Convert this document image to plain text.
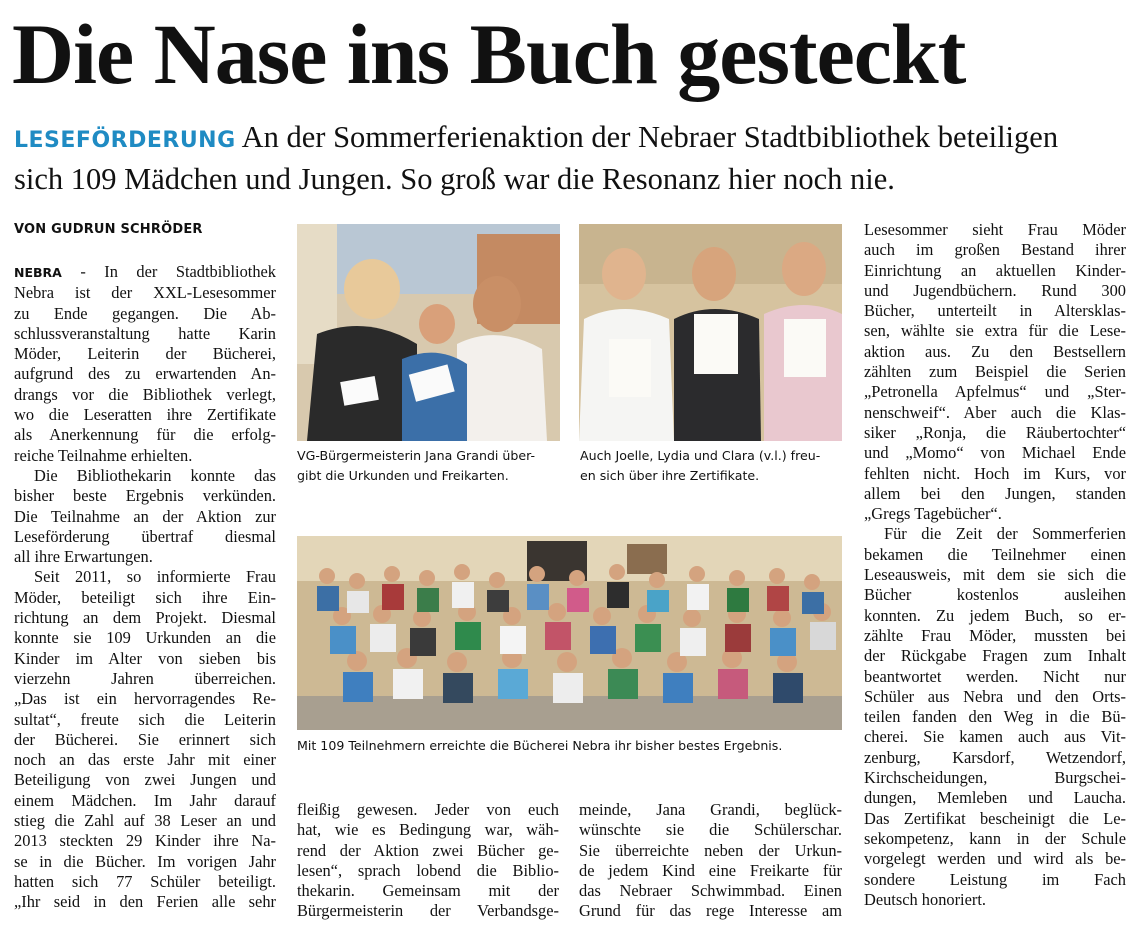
Die Nase ins Buch gesteckt

LESEFÖRDERUNG An der Sommerferienaktion der Nebraer Stadtbibliothek beteiligen
sich 109 Mädchen und Jungen. So groß war die Resonanz hier noch nie.

VON GUDRUN SCHRÖDER

NEBRA - In der Stadtbibliothek
Nebra ist der XXL-Lesesommer
zu Ende gegangen. Die Ab-
schlussveranstaltung hatte Karin
Möder, Leiterin der Bücherei,
aufgrund des zu erwartenden An-
drangs vor die Bibliothek verlegt,
wo die Leseratten ihre Zertifikate
als Anerkennung für die erfolg-
reiche Teilnahme erhielten.
Die Bibliothekarin konnte das
bisher beste Ergebnis verkünden.
Die Teilnahme an der Aktion zur
Leseförderung übertraf diesmal
all ihre Erwartungen.
Seit 2011, so informierte Frau
Möder, beteiligt sich ihre Ein-
richtung an dem Projekt. Diesmal
konnte sie 109 Urkunden an die
Kinder im Alter von sieben bis
vierzehn Jahren überreichen.
„Das ist ein hervorragendes Re-
sultat“, freute sich die Leiterin
der Bücherei. Sie erinnert sich
noch an das erste Jahr mit einer
Beteiligung von zwei Jungen und
einem Mädchen. Im Jahr darauf
stieg die Zahl auf 38 Leser an und
2013 steckten 29 Kinder ihre Na-
se in die Bücher. Im vorigen Jahr
hatten sich 77 Schüler beteiligt.
„Ihr seid in den Ferien alle sehr
VG-Bürgermeisterin Jana Grandi über-
gibt die Urkunden und Freikarten.
Auch Joelle, Lydia und Clara (v.l.) freu-
en sich über ihre Zertifikate.
Mit 109 Teilnehmern erreichte die Bücherei Nebra ihr bisher bestes Ergebnis.
fleißig gewesen. Jeder von euch
hat, wie es Bedingung war, wäh-
rend der Aktion zwei Bücher ge-
lesen“, sprach lobend die Biblio-
thekarin. Gemeinsam mit der
Bürgermeisterin der Verbandsge-
meinde, Jana Grandi, beglück-
wünschte sie die Schülerschar.
Sie überreichte neben der Urkun-
de jedem Kind eine Freikarte für
das Nebraer Schwimmbad. Einen
Grund für das rege Interesse am
Lesesommer sieht Frau Möder
auch im großen Bestand ihrer
Einrichtung an aktuellen Kinder-
und Jugendbüchern. Rund 300
Bücher, unterteilt in Altersklas-
sen, wählte sie extra für die Lese-
aktion aus. Zu den Bestsellern
zählten zum Beispiel die Serien
„Petronella Apfelmus“ und „Ster-
nenschweif“. Aber auch die Klas-
siker „Ronja, die Räubertochter“
und „Momo“ von Michael Ende
fehlten nicht. Hoch im Kurs, vor
allem bei den Jungen, standen
„Gregs Tagebücher“.
Für die Zeit der Sommerferien
bekamen die Teilnehmer einen
Leseausweis, mit dem sie sich die
Bücher kostenlos ausleihen
konnten. Zu jedem Buch, so er-
zählte Frau Möder, mussten bei
der Rückgabe Fragen zum Inhalt
beantwortet werden. Nicht nur
Schüler aus Nebra und den Orts-
teilen fanden den Weg in die Bü-
cherei. Sie kamen auch aus Vit-
zenburg, Karsdorf, Wetzendorf,
Kirchscheidungen, Burgschei-
dungen, Memleben und Laucha.
Das Zertifikat bescheinigt die Le-
sekompetenz, kann in der Schule
vorgelegt werden und wird als be-
sondere Leistung im Fach
Deutsch honoriert.
